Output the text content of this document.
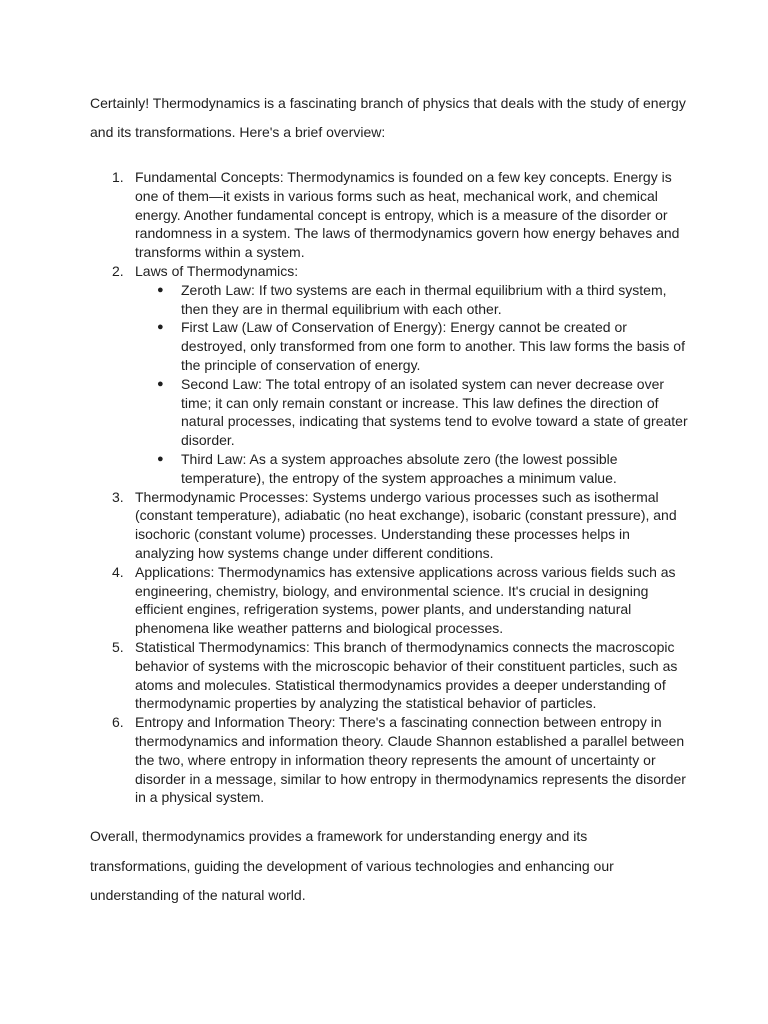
Certainly! Thermodynamics is a fascinating branch of physics that deals with the study of energy and its transformations. Here's a brief overview:

1. Fundamental Concepts: Thermodynamics is founded on a few key concepts. Energy is one of them—it exists in various forms such as heat, mechanical work, and chemical energy. Another fundamental concept is entropy, which is a measure of the disorder or randomness in a system. The laws of thermodynamics govern how energy behaves and transforms within a system.
2. Laws of Thermodynamics:
● Zeroth Law: If two systems are each in thermal equilibrium with a third system, then they are in thermal equilibrium with each other.
● First Law (Law of Conservation of Energy): Energy cannot be created or destroyed, only transformed from one form to another. This law forms the basis of the principle of conservation of energy.
● Second Law: The total entropy of an isolated system can never decrease over time; it can only remain constant or increase. This law defines the direction of natural processes, indicating that systems tend to evolve toward a state of greater disorder.
● Third Law: As a system approaches absolute zero (the lowest possible temperature), the entropy of the system approaches a minimum value.
3. Thermodynamic Processes: Systems undergo various processes such as isothermal (constant temperature), adiabatic (no heat exchange), isobaric (constant pressure), and isochoric (constant volume) processes. Understanding these processes helps in analyzing how systems change under different conditions.
4. Applications: Thermodynamics has extensive applications across various fields such as engineering, chemistry, biology, and environmental science. It's crucial in designing efficient engines, refrigeration systems, power plants, and understanding natural phenomena like weather patterns and biological processes.
5. Statistical Thermodynamics: This branch of thermodynamics connects the macroscopic behavior of systems with the microscopic behavior of their constituent particles, such as atoms and molecules. Statistical thermodynamics provides a deeper understanding of thermodynamic properties by analyzing the statistical behavior of particles.
6. Entropy and Information Theory: There's a fascinating connection between entropy in thermodynamics and information theory. Claude Shannon established a parallel between the two, where entropy in information theory represents the amount of uncertainty or disorder in a message, similar to how entropy in thermodynamics represents the disorder in a physical system.

Overall, thermodynamics provides a framework for understanding energy and its transformations, guiding the development of various technologies and enhancing our understanding of the natural world.
